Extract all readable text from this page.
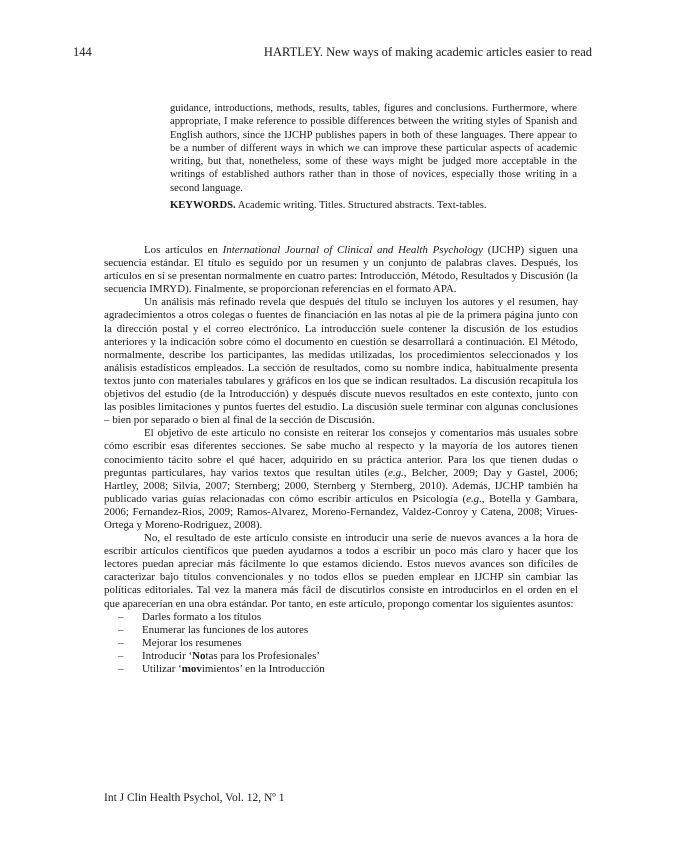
144	HARTLEY. New ways of making academic articles easier to read
guidance, introductions, methods, results, tables, figures and conclusions. Furthermore, where appropriate, I make reference to possible differences between the writing styles of Spanish and English authors, since the IJCHP publishes papers in both of these languages. There appear to be a number of different ways in which we can improve these particular aspects of academic writing, but that, nonetheless, some of these ways might be judged more acceptable in the writings of established authors rather than in those of novices, especially those writing in a second language.
KEYWORDS. Academic writing. Titles. Structured abstracts. Text-tables.

Los artículos en International Journal of Clinical and Health Psychology (IJCHP) siguen una secuencia estándar. El título es seguido por un resumen y un conjunto de palabras claves. Después, los artículos en sí se presentan normalmente en cuatro partes: Introducción, Método, Resultados y Discusión (la secuencia IMRYD). Finalmente, se proporcionan referencias en el formato APA.

Un análisis más refinado revela que después del título se incluyen los autores y el resumen, hay agradecimientos a otros colegas o fuentes de financiación en las notas al pie de la primera página junto con la dirección postal y el correo electrónico. La introducción suele contener la discusión de los estudios anteriores y la indicación sobre cómo el documento en cuestión se desarrollará a continuación. El Método, normalmente, describe los participantes, las medidas utilizadas, los procedimientos seleccionados y los análisis estadísticos empleados. La sección de resultados, como su nombre indica, habitualmente presenta textos junto con materiales tabulares y gráficos en los que se indican resultados. La discusión recapitula los objetivos del estudio (de la Introducción) y después discute nuevos resultados en este contexto, junto con las posibles limitaciones y puntos fuertes del estudio. La discusión suele terminar con algunas conclusiones – bien por separado o bien al final de la sección de Discusión.

El objetivo de este artículo no consiste en reiterar los consejos y comentarios más usuales sobre cómo escribir esas diferentes secciones. Se sabe mucho al respecto y la mayoría de los autores tienen conocimiento tácito sobre el qué hacer, adquirido en su práctica anterior. Para los que tienen dudas o preguntas particulares, hay varios textos que resultan útiles (e.g., Belcher, 2009; Day y Gastel, 2006; Hartley, 2008; Silvia, 2007; Sternberg; 2000, Sternberg y Sternberg, 2010). Además, IJCHP también ha publicado varias guías relacionadas con cómo escribir artículos en Psicología (e.g., Botella y Gambara, 2006; Fernandez-Rios, 2009; Ramos-Alvarez, Moreno-Fernandez, Valdez-Conroy y Catena, 2008; Virues-Ortega y Moreno-Rodriguez, 2008).

No, el resultado de este artículo consiste en introducir una serie de nuevos avances a la hora de escribir artículos científicos que pueden ayudarnos a todos a escribir un poco más claro y hacer que los lectores puedan apreciar más fácilmente lo que estamos diciendo. Estos nuevos avances son difíciles de caracterizar bajo títulos convencionales y no todos ellos se pueden emplear en IJCHP sin cambiar las políticas editoriales. Tal vez la manera más fácil de discutirlos consiste en introducirlos en el orden en el que aparecerían en una obra estándar. Por tanto, en este artículo, propongo comentar los siguientes asuntos:

– Darles formato a los títulos
– Enumerar las funciones de los autores
– Mejorar los resumenes
– Introducir ‘Notas para los Profesionales’
– Utilizar ‘movimientos’ en la Introducción
Int J Clin Health Psychol, Vol. 12, Nº 1
